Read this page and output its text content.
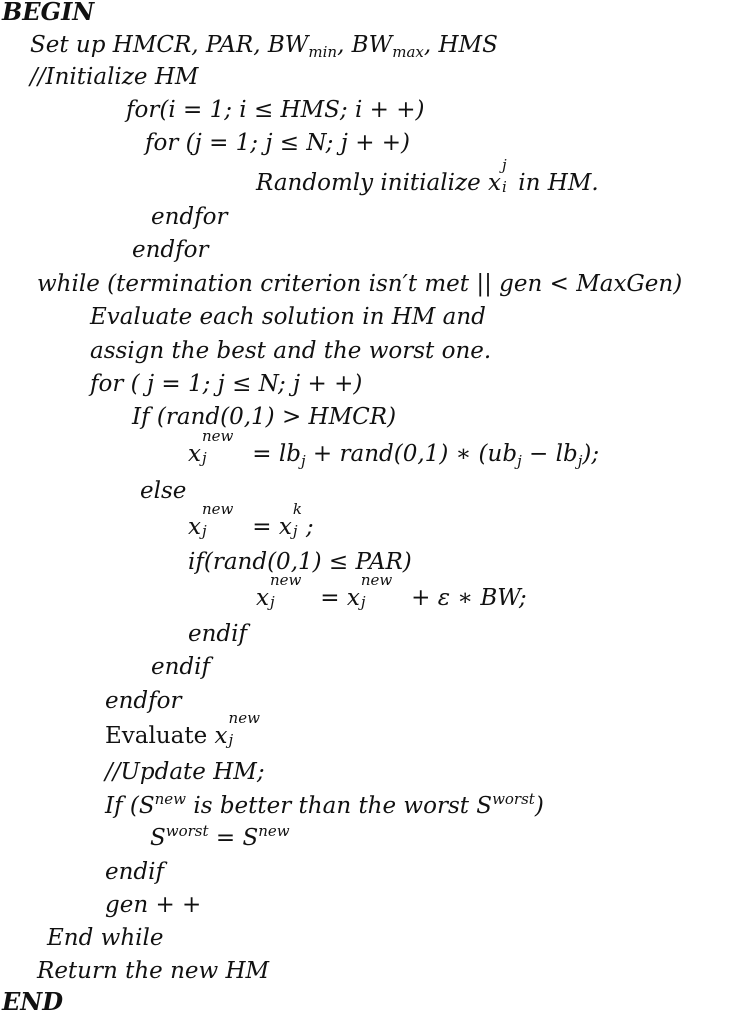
BEGIN
Set up HMCR, PAR, $BW_{min}$, $BW_{max}$, HMS
//Initialize HM
for(i = 1; i ≤ HMS; i + +)
for (j = 1; j ≤ N; j + +)
Randomly initialize x
j
i in HM.
endfor
endfor
while (termination criterion isn′t met || gen < MaxGen)
Evaluate each solution in HM and
assign the best and the worst one.
for ( j = 1; j ≤ N; j + +)
If (rand(0,1) > HMCR)
x
new
$j = lb_j$ + rand(0,1) ∗ $(ub_j - lb_j)$;
else
x
new
j = x
k
j ;
if(rand(0,1) ≤ PAR)
x
new
j = x
new
j + ε ∗ BW;
endif
endif
endfor
Evaluate x
new
j
//Update HM;
If ($S^{new}$ is better than the worst $S^{worst}$)
$S^{worst} = S^{new}$
endif
gen + +
End while
Return the new HM
END
